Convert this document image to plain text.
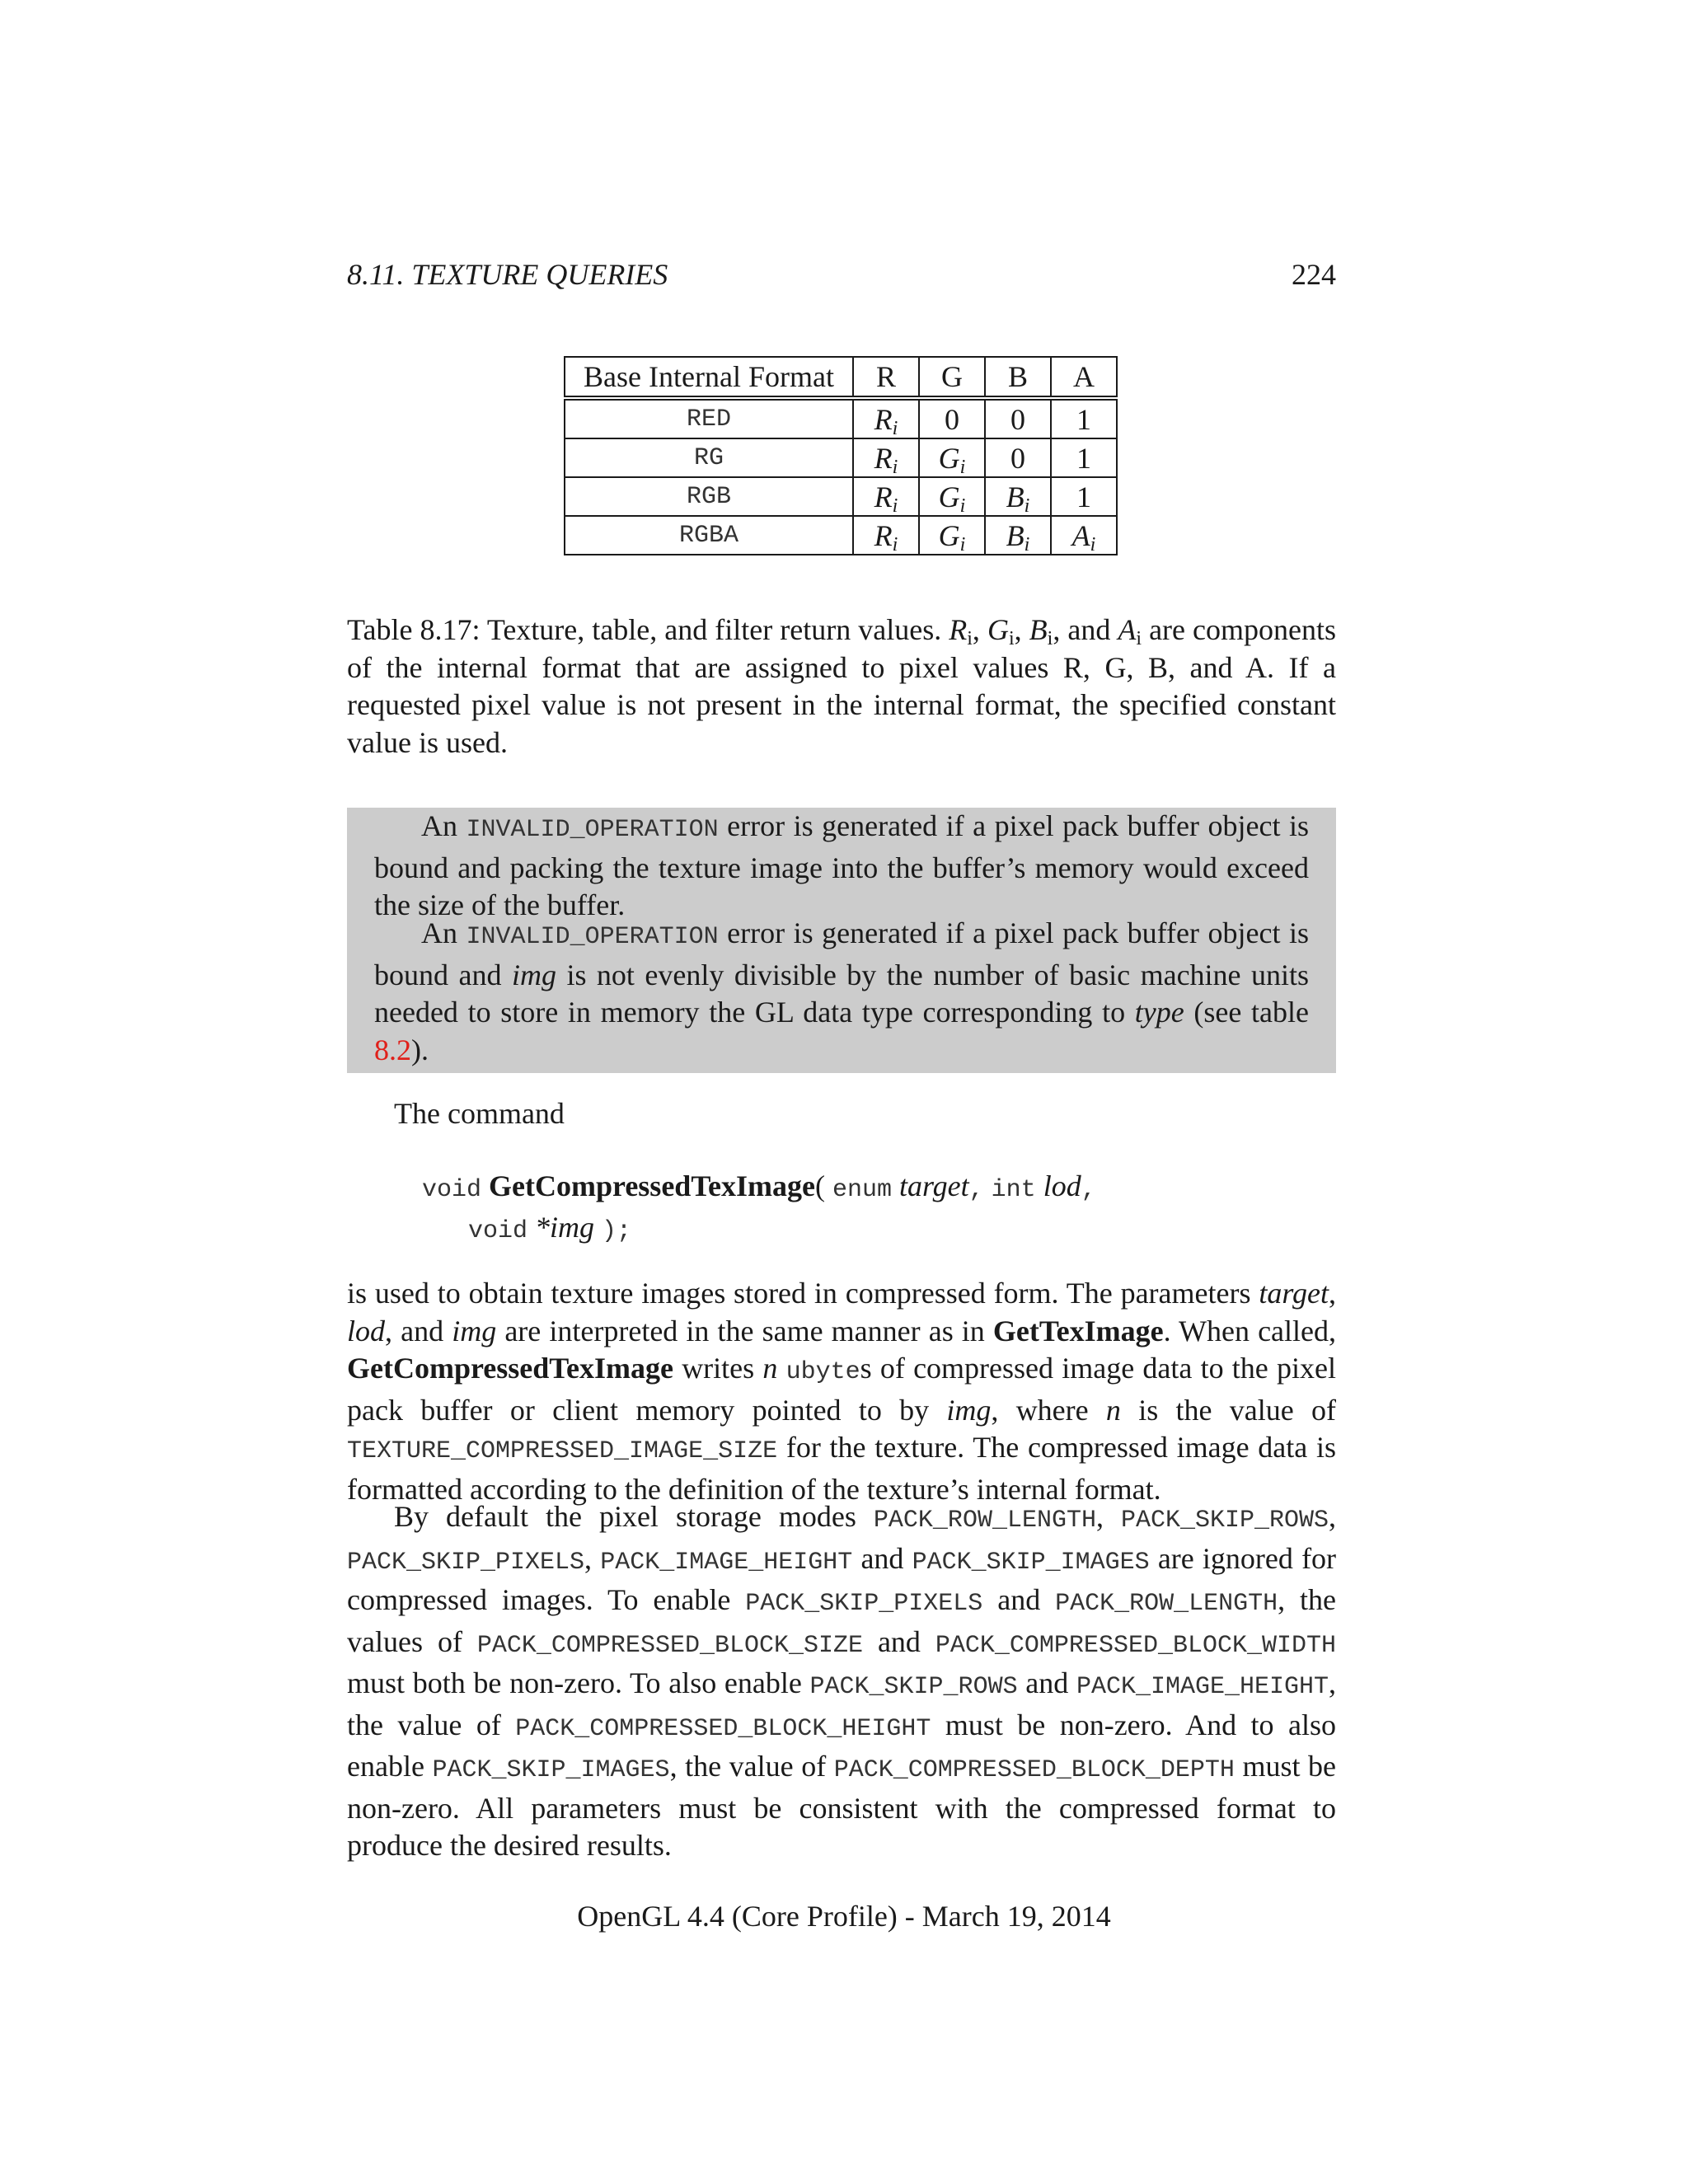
8.11. TEXTURE QUERIES	224
Base Internal Format	R	G	B	A
RED	$R_i$	0	0	1
RG	$R_i$	$G_i$	0	1
RGB	$R_i$	$G_i$	$B_i$	1
RGBA	$R_i$	$G_i$	$B_i$	$A_i$
Table 8.17: Texture, table, and filter return values. $R_i$, $G_i$, $B_i$, and $A_i$ are components of the internal format that are assigned to pixel values R, G, B, and A. If a requested pixel value is not present in the internal format, the specified constant value is used.
An INVALID_OPERATION error is generated if a pixel pack buffer object is bound and packing the texture image into the buffer’s memory would exceed the size of the buffer.
An INVALID_OPERATION error is generated if a pixel pack buffer object is bound and img is not evenly divisible by the number of basic machine units needed to store in memory the GL data type corresponding to type (see table 8.2).
The command
void GetCompressedTexImage( enum target, int lod,
void *img );
is used to obtain texture images stored in compressed form. The parameters target, lod, and img are interpreted in the same manner as in GetTexImage. When called, GetCompressedTexImage writes n ubytes of compressed image data to the pixel pack buffer or client memory pointed to by img, where n is the value of TEXTURE_COMPRESSED_IMAGE_SIZE for the texture. The compressed image data is formatted according to the definition of the texture’s internal format.
By default the pixel storage modes PACK_ROW_LENGTH, PACK_SKIP_ROWS, PACK_SKIP_PIXELS, PACK_IMAGE_HEIGHT and PACK_SKIP_IMAGES are ignored for compressed images. To enable PACK_SKIP_PIXELS and PACK_ROW_LENGTH, the values of PACK_COMPRESSED_BLOCK_SIZE and PACK_COMPRESSED_BLOCK_WIDTH must both be non-zero. To also enable PACK_SKIP_ROWS and PACK_IMAGE_HEIGHT, the value of PACK_COMPRESSED_BLOCK_HEIGHT must be non-zero. And to also enable PACK_SKIP_IMAGES, the value of PACK_COMPRESSED_BLOCK_DEPTH must be non-zero. All parameters must be consistent with the compressed format to produce the desired results.
OpenGL 4.4 (Core Profile) - March 19, 2014
